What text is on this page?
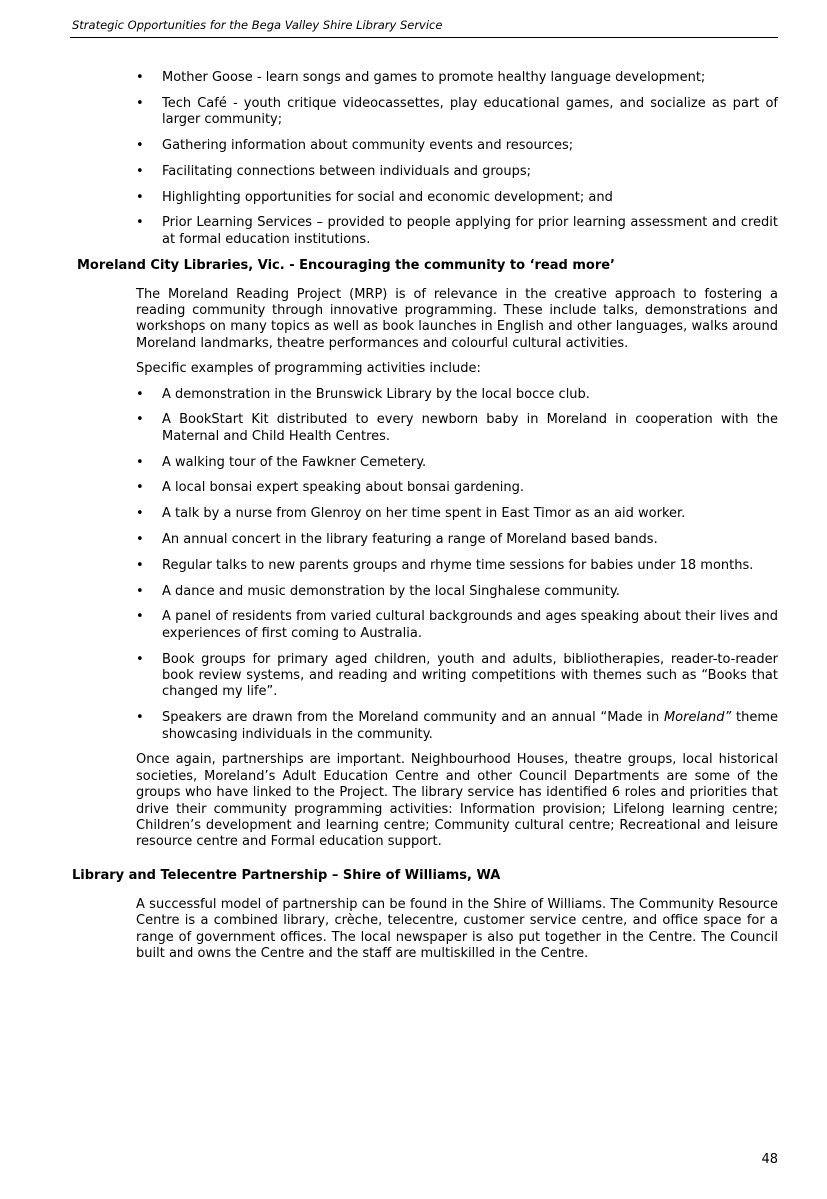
Strategic Opportunities for the Bega Valley Shire Library Service
• Mother Goose - learn songs and games to promote healthy language development;
• Tech Café - youth critique videocassettes, play educational games, and socialize as part of larger community;
• Gathering information about community events and resources;
• Facilitating connections between individuals and groups;
• Highlighting opportunities for social and economic development; and
• Prior Learning Services – provided to people applying for prior learning assessment and credit at formal education institutions.
Moreland City Libraries, Vic. - Encouraging the community to ‘read more’
The Moreland Reading Project (MRP) is of relevance in the creative approach to fostering a reading community through innovative programming. These include talks, demonstrations and workshops on many topics as well as book launches in English and other languages, walks around Moreland landmarks, theatre performances and colourful cultural activities.
Specific examples of programming activities include:
• A demonstration in the Brunswick Library by the local bocce club.
• A BookStart Kit distributed to every newborn baby in Moreland in cooperation with the Maternal and Child Health Centres.
• A walking tour of the Fawkner Cemetery.
• A local bonsai expert speaking about bonsai gardening.
• A talk by a nurse from Glenroy on her time spent in East Timor as an aid worker.
• An annual concert in the library featuring a range of Moreland based bands.
• Regular talks to new parents groups and rhyme time sessions for babies under 18 months.
• A dance and music demonstration by the local Singhalese community.
• A panel of residents from varied cultural backgrounds and ages speaking about their lives and experiences of first coming to Australia.
• Book groups for primary aged children, youth and adults, bibliotherapies, reader-to-reader book review systems, and reading and writing competitions with themes such as “Books that changed my life”.
• Speakers are drawn from the Moreland community and an annual “Made in Moreland” theme showcasing individuals in the community.
Once again, partnerships are important. Neighbourhood Houses, theatre groups, local historical societies, Moreland’s Adult Education Centre and other Council Departments are some of the groups who have linked to the Project. The library service has identified 6 roles and priorities that drive their community programming activities: Information provision; Lifelong learning centre; Children’s development and learning centre; Community cultural centre; Recreational and leisure resource centre and Formal education support.
Library and Telecentre Partnership – Shire of Williams, WA
A successful model of partnership can be found in the Shire of Williams. The Community Resource Centre is a combined library, crèche, telecentre, customer service centre, and office space for a range of government offices. The local newspaper is also put together in the Centre. The Council built and owns the Centre and the staff are multiskilled in the Centre.
48
